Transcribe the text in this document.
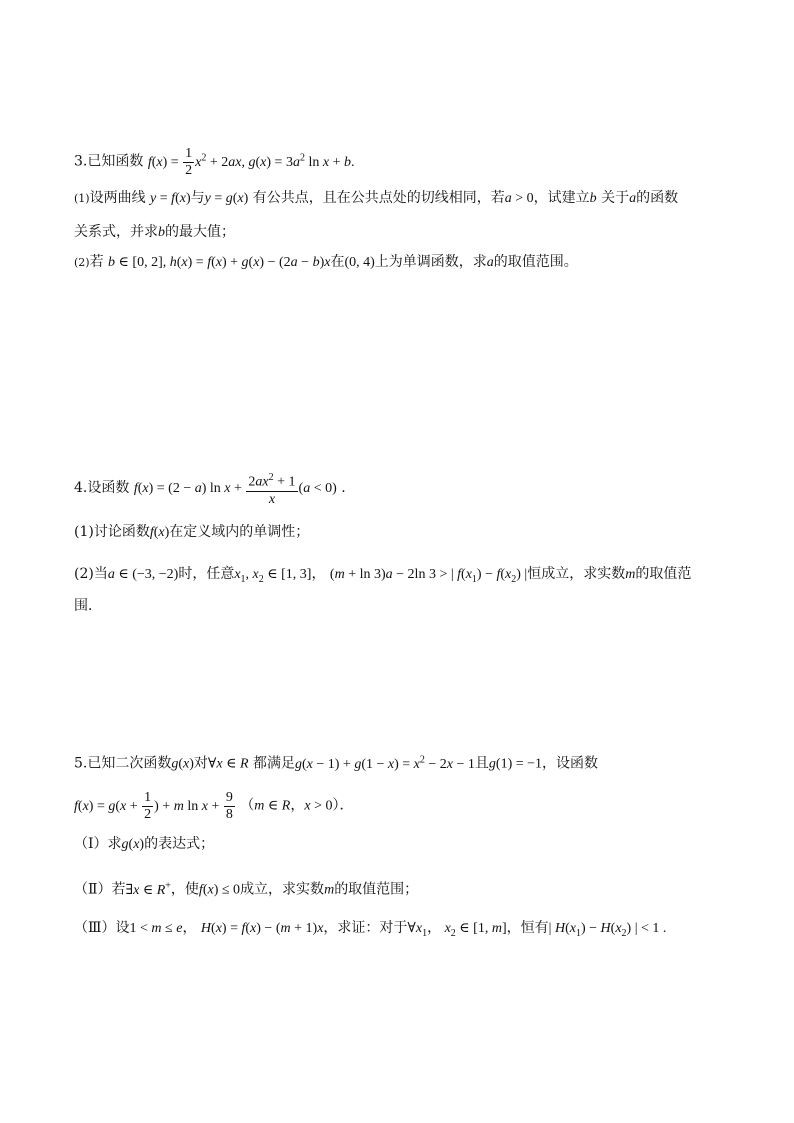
3.已知函数 $f(x) = \frac{1}{2} x^2 + 2ax$, $g(x) = 3a^2$ ln x + b.
(1)设两曲线 y = f(x)与y = g(x) 有公共点，且在公共点处的切线相同，若a > 0，试建立b 关于a的函数
关系式，并求b的最大值；
(2)若 b ∈ [0, 2], h(x) = f(x) + g(x) − (2a − b)x在(0, 4)上为单调函数，求a的取值范围。
4.设函数 f(x) = (2 − a) $\ln x + \frac{2ax^2 + 1}{x} (a < 0)$ .
(1)讨论函数f(x)在定义域内的单调性；
(2)当a ∈ (−3, −2)时，任意$x_1$, $x_2$ ∈ [1, 3]， (m + ln 3)a − 2ln 3 > | $f(x_1) - f(x_2)$ |恒成立，求实数m的取值范
围．
5.已知二次函数g(x)对∀x ∈ R 都满足$g(x - 1) + g(1 - x) = x^2 - 2x - 1$且g(1) = −1，设函数
$f(x) = g(x + \frac{1}{2}$ ) + m $\ln x + \frac{9}{8} (m$ ∈ R，x > 0）．
（Ⅰ）求g(x)的表达式；
（Ⅱ）若∃x ∈ R+，使f(x) ≤ 0成立，求实数m的取值范围；
（Ⅲ）设1 < m ≤ e， H(x) = f(x) − (m + 1)x，求证：对于$\forall x_1$， $x_2$ ∈ [1, m]，恒有| $H(x_1) - H(x_2)$ | < 1 .
